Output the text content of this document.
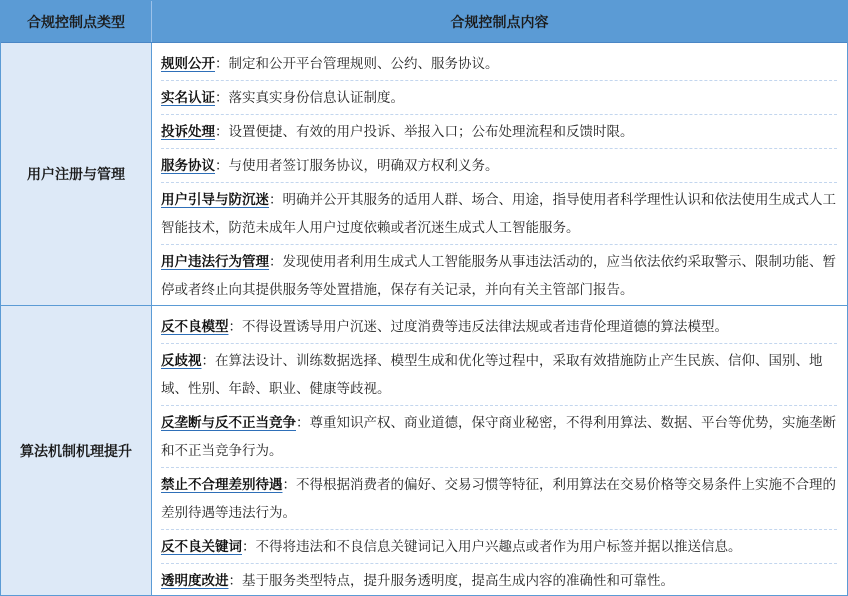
合规控制点类型	合规控制点内容
用户注册与管理
规则公开：制定和公开平台管理规则、公约、服务协议。
实名认证：落实真实身份信息认证制度。
投诉处理：设置便捷、有效的用户投诉、举报入口；公布处理流程和反馈时限。
服务协议：与使用者签订服务协议，明确双方权利义务。
用户引导与防沉迷：明确并公开其服务的适用人群、场合、用途，指导使用者科学理性认识和依法使用生成式人工智能技术，防范未成年人用户过度依赖或者沉迷生成式人工智能服务。
用户违法行为管理：发现使用者利用生成式人工智能服务从事违法活动的，应当依法依约采取警示、限制功能、暂停或者终止向其提供服务等处置措施，保存有关记录，并向有关主管部门报告。
算法机制机理提升
反不良模型：不得设置诱导用户沉迷、过度消费等违反法律法规或者违背伦理道德的算法模型。
反歧视：在算法设计、训练数据选择、模型生成和优化等过程中，采取有效措施防止产生民族、信仰、国别、地域、性别、年龄、职业、健康等歧视。
反垄断与反不正当竞争：尊重知识产权、商业道德，保守商业秘密，不得利用算法、数据、平台等优势，实施垄断和不正当竞争行为。
禁止不合理差别待遇：不得根据消费者的偏好、交易习惯等特征，利用算法在交易价格等交易条件上实施不合理的差别待遇等违法行为。
反不良关键词：不得将违法和不良信息关键词记入用户兴趣点或者作为用户标签并据以推送信息。
透明度改进：基于服务类型特点，提升服务透明度，提高生成内容的准确性和可靠性。
